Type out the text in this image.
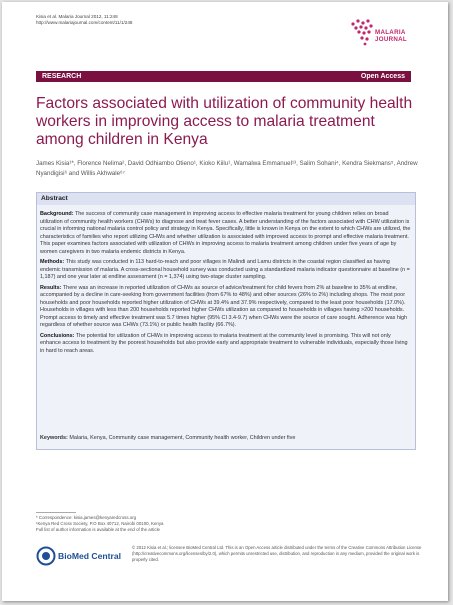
Kisia et al. Malaria Journal 2012, 11:248
http://www.malariajournal.com/content/11/1/248
MALARIA
JOURNAL
RESEARCH	Open Access
Factors associated with utilization of community health workers in improving access to malaria treatment among children in Kenya
James Kisia¹*, Florence Nelima², David Odhiambo Otieno¹, Kioko Kiilu¹, Wamalwa Emmanuel¹³, Salim Sohani⁴, Kendra Siekmans⁵, Andrew Nyandigisi⁶ and Willis Akhwale⁶⁷
Abstract

Background: The success of community case management in improving access to effective malaria treatment for young children relies on broad utilization of community health workers (CHWs) to diagnose and treat fever cases. A better understanding of the factors associated with CHW utilization is crucial in informing national malaria control policy and strategy in Kenya. Specifically, little is known in Kenya on the extent to which CHWs are utilized, the characteristics of families who report utilizing CHWs and whether utilization is associated with improved access to prompt and effective malaria treatment. This paper examines factors associated with utilization of CHWs in improving access to malaria treatment among children under five years of age by women caregivers in two malaria endemic districts in Kenya.

Methods: This study was conducted in 113 hard-to-reach and poor villages in Malindi and Lamu districts in the coastal region classified as having endemic transmission of malaria. A cross-sectional household survey was conducted using a standardized malaria indicator questionnaire at baseline (n = 1,187) and one year later at endline assessment (n = 1,374) using two-stage cluster sampling.

Results: There was an increase in reported utilization of CHWs as source of advice/treatment for child fevers from 2% at baseline to 35% at endline, accompanied by a decline in care-seeking from government facilities (from 67% to 48%) and other sources (26% to 2%) including shops. The most poor households and poor households reported higher utilization of CHWs at 39.4% and 37.9% respectively, compared to the least poor households (17.0%). Households in villages with less than 200 households reported higher CHWs utilization as compared to households in villages having >200 households. Prompt access to timely and effective treatment was 5.7 times higher (95% CI 3.4-9.7) when CHWs were the source of care sought. Adherence was high regardless of whether source was CHWs (73.1%) or public health facility (66.7%).

Conclusions: The potential for utilization of CHWs in improving access to malaria treatment at the community level is promising. This will not only enhance access to treatment by the poorest households but also provide early and appropriate treatment to vulnerable individuals, especially those living in hard to reach areas.

Keywords: Malaria, Kenya, Community case management, Community health worker, Children under five
* Correspondence: kisia.james@kenyaredcross.org
¹Kenya Red Cross Society, P.O Box 40712, Nairobi 00100, Kenya
Full list of author information is available at the end of the article
BioMed Central
© 2012 Kisia et al.; licensee BioMed Central Ltd. This is an Open Access article distributed under the terms of the Creative Commons Attribution License (http://creativecommons.org/licenses/by/2.0), which permits unrestricted use, distribution, and reproduction in any medium, provided the original work is properly cited.
